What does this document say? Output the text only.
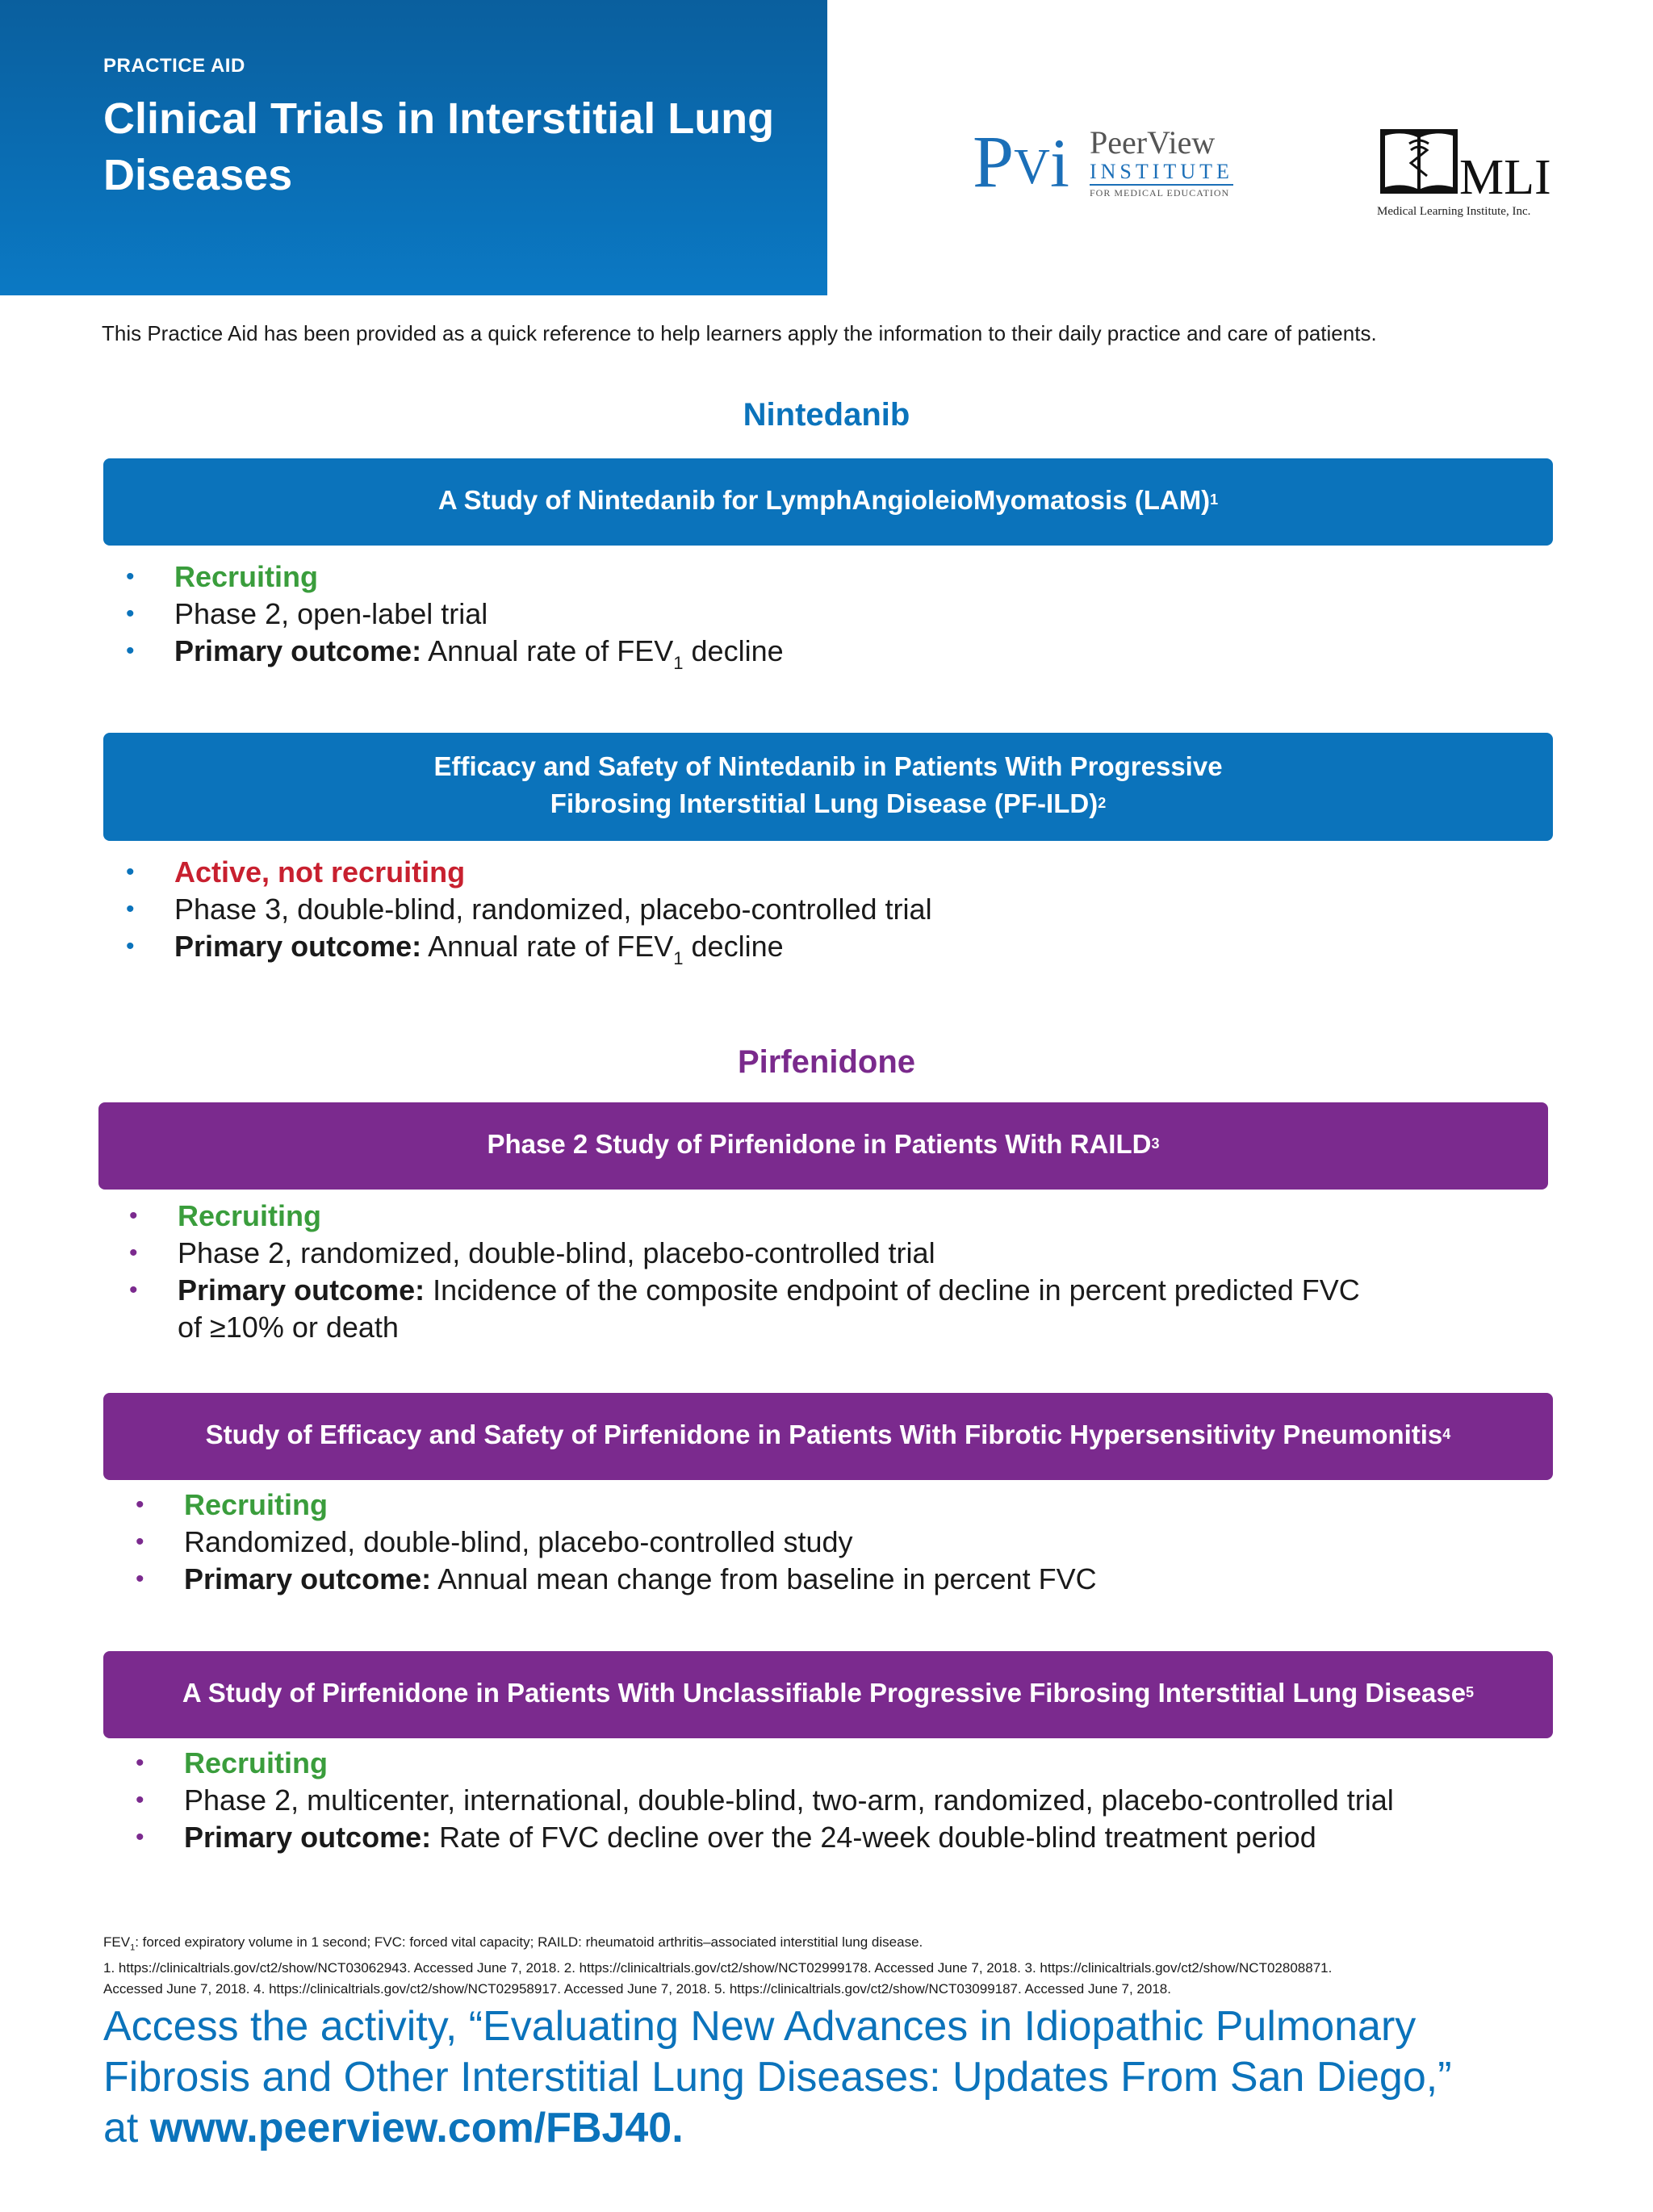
PRACTICE AID
Clinical Trials in Interstitial Lung Diseases	PVi PeerView
INSTITUTE
FOR MEDICAL EDUCATION	MLI
Medical Learning Institute, Inc.
This Practice Aid has been provided as a quick reference to help learners apply the information to their daily practice and care of patients.
Nintedanib
A Study of Nintedanib for LymphAngioleioMyomatosis (LAM)$^1$
• Recruiting
• Phase 2, open-label trial
• Primary outcome: Annual rate of $FEV_1$ decline
Efficacy and Safety of Nintedanib in Patients With Progressive
Fibrosing Interstitial Lung Disease $(PF-ILD)^2$
• Active, not recruiting
• Phase 3, double-blind, randomized, placebo-controlled trial
• Primary outcome: Annual rate of $FEV_1$ decline
Pirfenidone
Phase 2 Study of Pirfenidone in Patients With RAILD$^3$
• Recruiting
• Phase 2, randomized, double-blind, placebo-controlled trial
• Primary outcome: Incidence of the composite endpoint of decline in percent predicted FVC
of ≥10% or death
Study of Efficacy and Safety of Pirfenidone in Patients With Fibrotic Hypersensitivity Pneumonitis$^4$
• Recruiting
• Randomized, double-blind, placebo-controlled study
• Primary outcome: Annual mean change from baseline in percent FVC
A Study of Pirfenidone in Patients With Unclassifiable Progressive Fibrosing Interstitial Lung Disease$^5$
• Recruiting
• Phase 2, multicenter, international, double-blind, two-arm, randomized, placebo-controlled trial
• Primary outcome: Rate of FVC decline over the 24-week double-blind treatment period
$FEV_1$: forced expiratory volume in 1 second; FVC: forced vital capacity; RAILD: rheumatoid arthritis–associated interstitial lung disease.
1. https://clinicaltrials.gov/ct2/show/NCT03062943. Accessed June 7, 2018. 2. https://clinicaltrials.gov/ct2/show/NCT02999178. Accessed June 7, 2018. 3. https://clinicaltrials.gov/ct2/show/NCT02808871.
Accessed June 7, 2018. 4. https://clinicaltrials.gov/ct2/show/NCT02958917. Accessed June 7, 2018. 5. https://clinicaltrials.gov/ct2/show/NCT03099187. Accessed June 7, 2018.
Access the activity, “Evaluating New Advances in Idiopathic Pulmonary
Fibrosis and Other Interstitial Lung Diseases: Updates From San Diego,”
at www.peerview.com/FBJ40.
